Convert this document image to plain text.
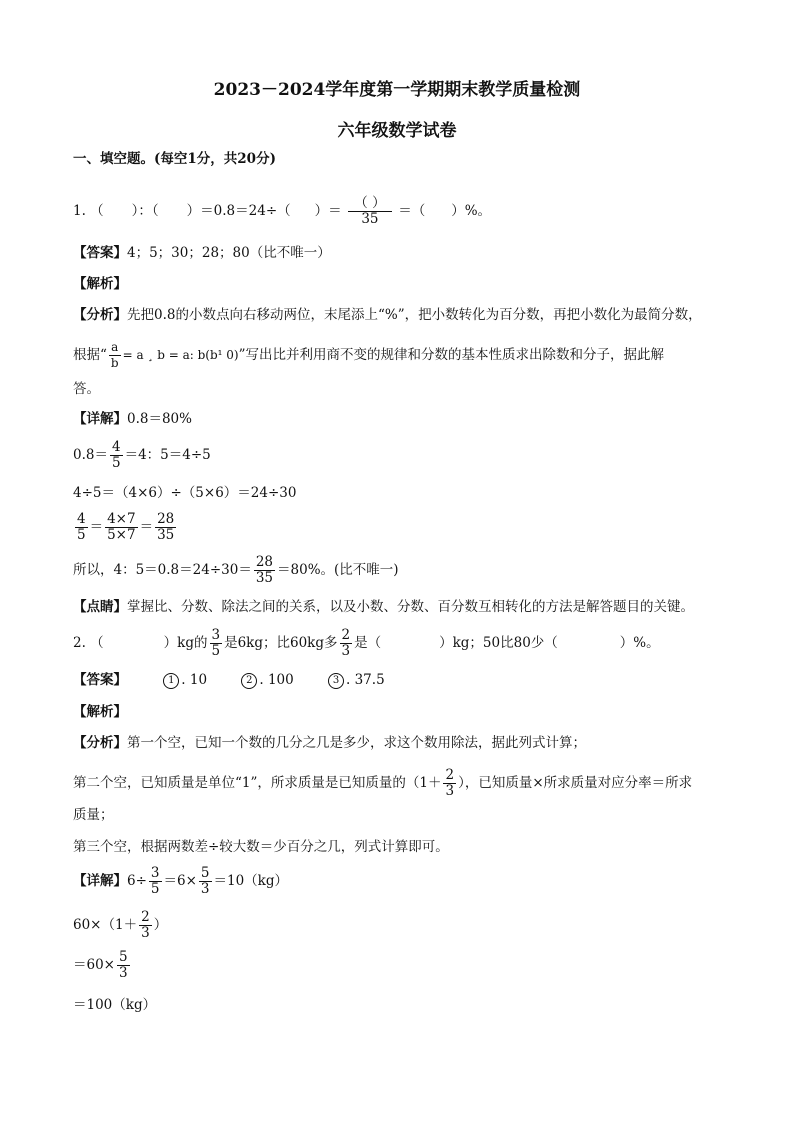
2023－2024学年度第一学期期末教学质量检测
六年级数学试卷
一、填空题。(每空1分，共20分)
1. （ ）：（ ）＝0.8＝24÷（ ）＝ $\frac{( )}{35}$ ＝（ ）%。
【答案】4；5；30；28；80（比不唯一）
【解析】
【分析】先把0.8的小数点向右移动两位，末尾添上“%”，把小数转化为百分数，再把小数化为最简分数，
根据“ $\frac{a}{b} = a$ ¸ b = a: b(b¹ 0)”写出比并利用商不变的规律和分数的基本性质求出除数和分子，据此解
答。
【详解】0.8＝80%
$0.8= \frac{4}{5} =4$：5＝4÷5
4÷5＝（4×6）÷（5×6）＝24÷30
$\frac{4}{5} = \frac{4\times 7}{5\times 7} = \frac{28}{35}$
所以，4：$5=0.8=24\div 30= \frac{28}{35} =80\%$。(比不唯一)
【点睛】掌握比、分数、除法之间的关系，以及小数、分数、百分数互相转化的方法是解答题目的关键。
2. （	）kg的 $\frac{3}{5}$ 是6kg；比60kg多 $\frac{2}{3}$ 是（	）kg；50比80少（	）%。
【答案】	1 . 10	2 . 100	3 . 37.5
【解析】
【分析】第一个空，已知一个数的几分之几是多少，求这个数用除法，据此列式计算；
第二个空，已知质量是单位“1”，所求质量是已知质量的（$1+ \frac{2}{3}$ ），已知质量×所求质量对应分率＝所求
质量；
第三个空，根据两数差÷较大数＝少百分之几，列式计算即可。
【详解】$6\div \frac{3}{5} =6\times \frac{5}{3} =10(kg)$
$60\times(1+ \frac{2}{3}$ ）
$=60\times \frac{5}{3}$
＝100（kg）
